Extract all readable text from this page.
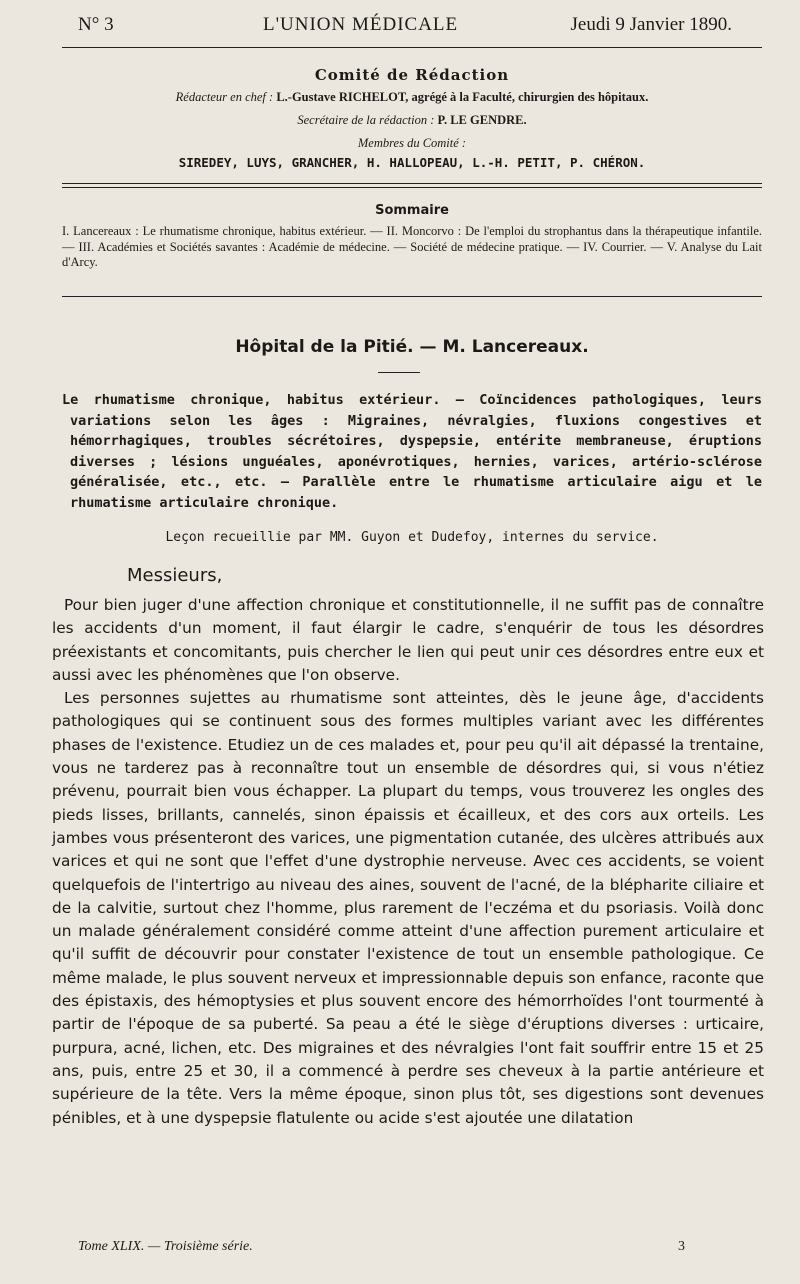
N° 3	L'UNION MÉDICALE	Jeudi 9 Janvier 1890.
Comité de Rédaction
Rédacteur en chef : L.-Gustave RICHELOT, agrégé à la Faculté, chirurgien des hôpitaux.
Secrétaire de la rédaction : P. LE GENDRE.
Membres du Comité :
SIREDEY, LUYS, GRANCHER, H. HALLOPEAU, L.-H. PETIT, P. CHÉRON.
Sommaire
I. Lancereaux : Le rhumatisme chronique, habitus extérieur. — II. Moncorvo : De l'emploi du strophantus dans la thérapeutique infantile. — III. Académies et Sociétés savantes : Académie de médecine. — Société de médecine pratique. — IV. Courrier. — V. Analyse du Lait d'Arcy.
Hôpital de la Pitié. — M. Lancereaux.
Le rhumatisme chronique, habitus extérieur. — Coïncidences pathologiques, leurs variations selon les âges : Migraines, névralgies, fluxions congestives et hémorrhagiques, troubles sécrétoires, dyspepsie, entérite membraneuse, éruptions diverses ; lésions unguéales, aponévrotiques, hernies, varices, artério-sclérose généralisée, etc., etc. — Parallèle entre le rhumatisme articulaire aigu et le rhumatisme articulaire chronique.
Leçon recueillie par MM. Guyon et Dudefoy, internes du service.
Messieurs,

Pour bien juger d'une affection chronique et constitutionnelle, il ne suffit pas de connaître les accidents d'un moment, il faut élargir le cadre, s'enquérir de tous les désordres préexistants et concomitants, puis chercher le lien qui peut unir ces désordres entre eux et aussi avec les phénomènes que l'on observe.

Les personnes sujettes au rhumatisme sont atteintes, dès le jeune âge, d'accidents pathologiques qui se continuent sous des formes multiples variant avec les différentes phases de l'existence. Etudiez un de ces malades et, pour peu qu'il ait dépassé la trentaine, vous ne tarderez pas à reconnaître tout un ensemble de désordres qui, si vous n'étiez prévenu, pourrait bien vous échapper. La plupart du temps, vous trouverez les ongles des pieds lisses, brillants, cannelés, sinon épaissis et écailleux, et des cors aux orteils. Les jambes vous présenteront des varices, une pigmentation cutanée, des ulcères attribués aux varices et qui ne sont que l'effet d'une dystrophie nerveuse. Avec ces accidents, se voient quelquefois de l'intertrigo au niveau des aines, souvent de l'acné, de la blépharite ciliaire et de la calvitie, surtout chez l'homme, plus rarement de l'eczéma et du psoriasis. Voilà donc un malade généralement considéré comme atteint d'une affection purement articulaire et qu'il suffit de découvrir pour constater l'existence de tout un ensemble pathologique. Ce même malade, le plus souvent nerveux et impressionnable depuis son enfance, raconte que des épistaxis, des hémoptysies et plus souvent encore des hémorrhoïdes l'ont tourmenté à partir de l'époque de sa puberté. Sa peau a été le siège d'éruptions diverses : urticaire, purpura, acné, lichen, etc. Des migraines et des névralgies l'ont fait souffrir entre 15 et 25 ans, puis, entre 25 et 30, il a commencé à perdre ses cheveux à la partie antérieure et supérieure de la tête. Vers la même époque, sinon plus tôt, ses digestions sont devenues pénibles, et à une dyspepsie flatulente ou acide s'est ajoutée une dilatation

Tome XLIX. — Troisième série.	3
